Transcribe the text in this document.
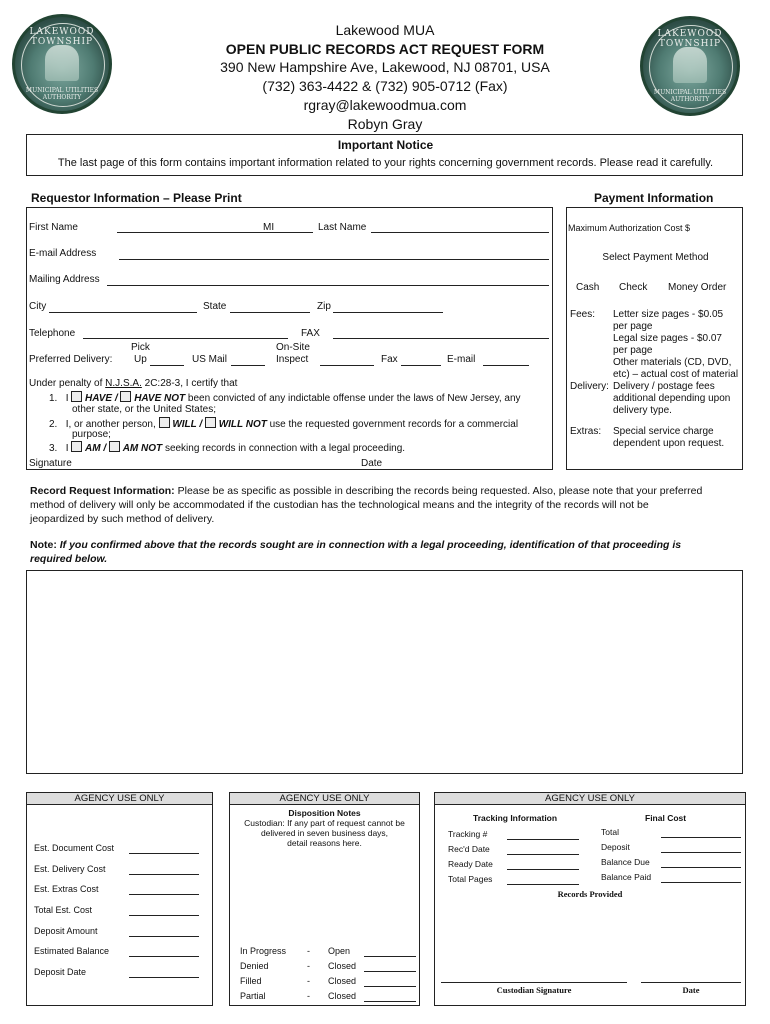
LAKEWOOD TOWNSHIP
MUNICIPAL UTILITIES AUTHORITY
LAKEWOOD TOWNSHIP
MUNICIPAL UTILITIES AUTHORITY
Lakewood MUA
OPEN PUBLIC RECORDS ACT REQUEST FORM
390 New Hampshire Ave, Lakewood, NJ 08701, USA
(732) 363-4422 & (732) 905-0712 (Fax)
rgray@lakewoodmua.com
Robyn Gray
Important Notice
The last page of this form contains important information related to your rights concerning government records. Please read it carefully.
Requestor Information – Please Print	Payment Information
First Name	MI	Last Name
E-mail Address
Mailing Address
City	State	Zip
Telephone	FAX
Pick	On-Site
Preferred Delivery: Up	US Mail	Inspect	Fax	E-mail
Under penalty of N.J.S.A. 2C:28-3, I certify that
1. I HAVE / HAVE NOT been convicted of any indictable offense under the laws of New Jersey, any
other state, or the United States;
2. I, or another person, WILL / WILL NOT use the requested government records for a commercial
purpose;
3. I AM / AM NOT seeking records in connection with a legal proceeding.
Signature	Date
Maximum Authorization Cost $
Select Payment Method
Cash Check Money Order
Fees: Letter size pages - $0.05
per page
Legal size pages - $0.07
per page
Other materials (CD, DVD,
etc) – actual cost of material
Delivery: Delivery / postage fees
additional depending upon
delivery type.
Extras: Special service charge
dependent upon request.
Record Request Information: Please be as specific as possible in describing the records being requested. Also, please note that your preferred
method of delivery will only be accommodated if the custodian has the technological means and the integrity of the records will not be
jeopardized by such method of delivery.
Note: If you confirmed above that the records sought are in connection with a legal proceeding, identification of that proceeding is
required below.
AGENCY USE ONLY
Est. Document Cost
Est. Delivery Cost
Est. Extras Cost
Total Est. Cost
Deposit Amount
Estimated Balance
Deposit Date
AGENCY USE ONLY
Disposition Notes
Custodian: If any part of request cannot be
delivered in seven business days,
detail reasons here.
In Progress - Open
Denied	- Closed
Filled	- Closed
Partial	- Closed
AGENCY USE ONLY
Tracking Information	Final Cost
Tracking #
Rec'd Date
Ready Date
Total Pages
Total
Deposit
Balance Due
Balance Paid
Records Provided
Custodian Signature	Date
